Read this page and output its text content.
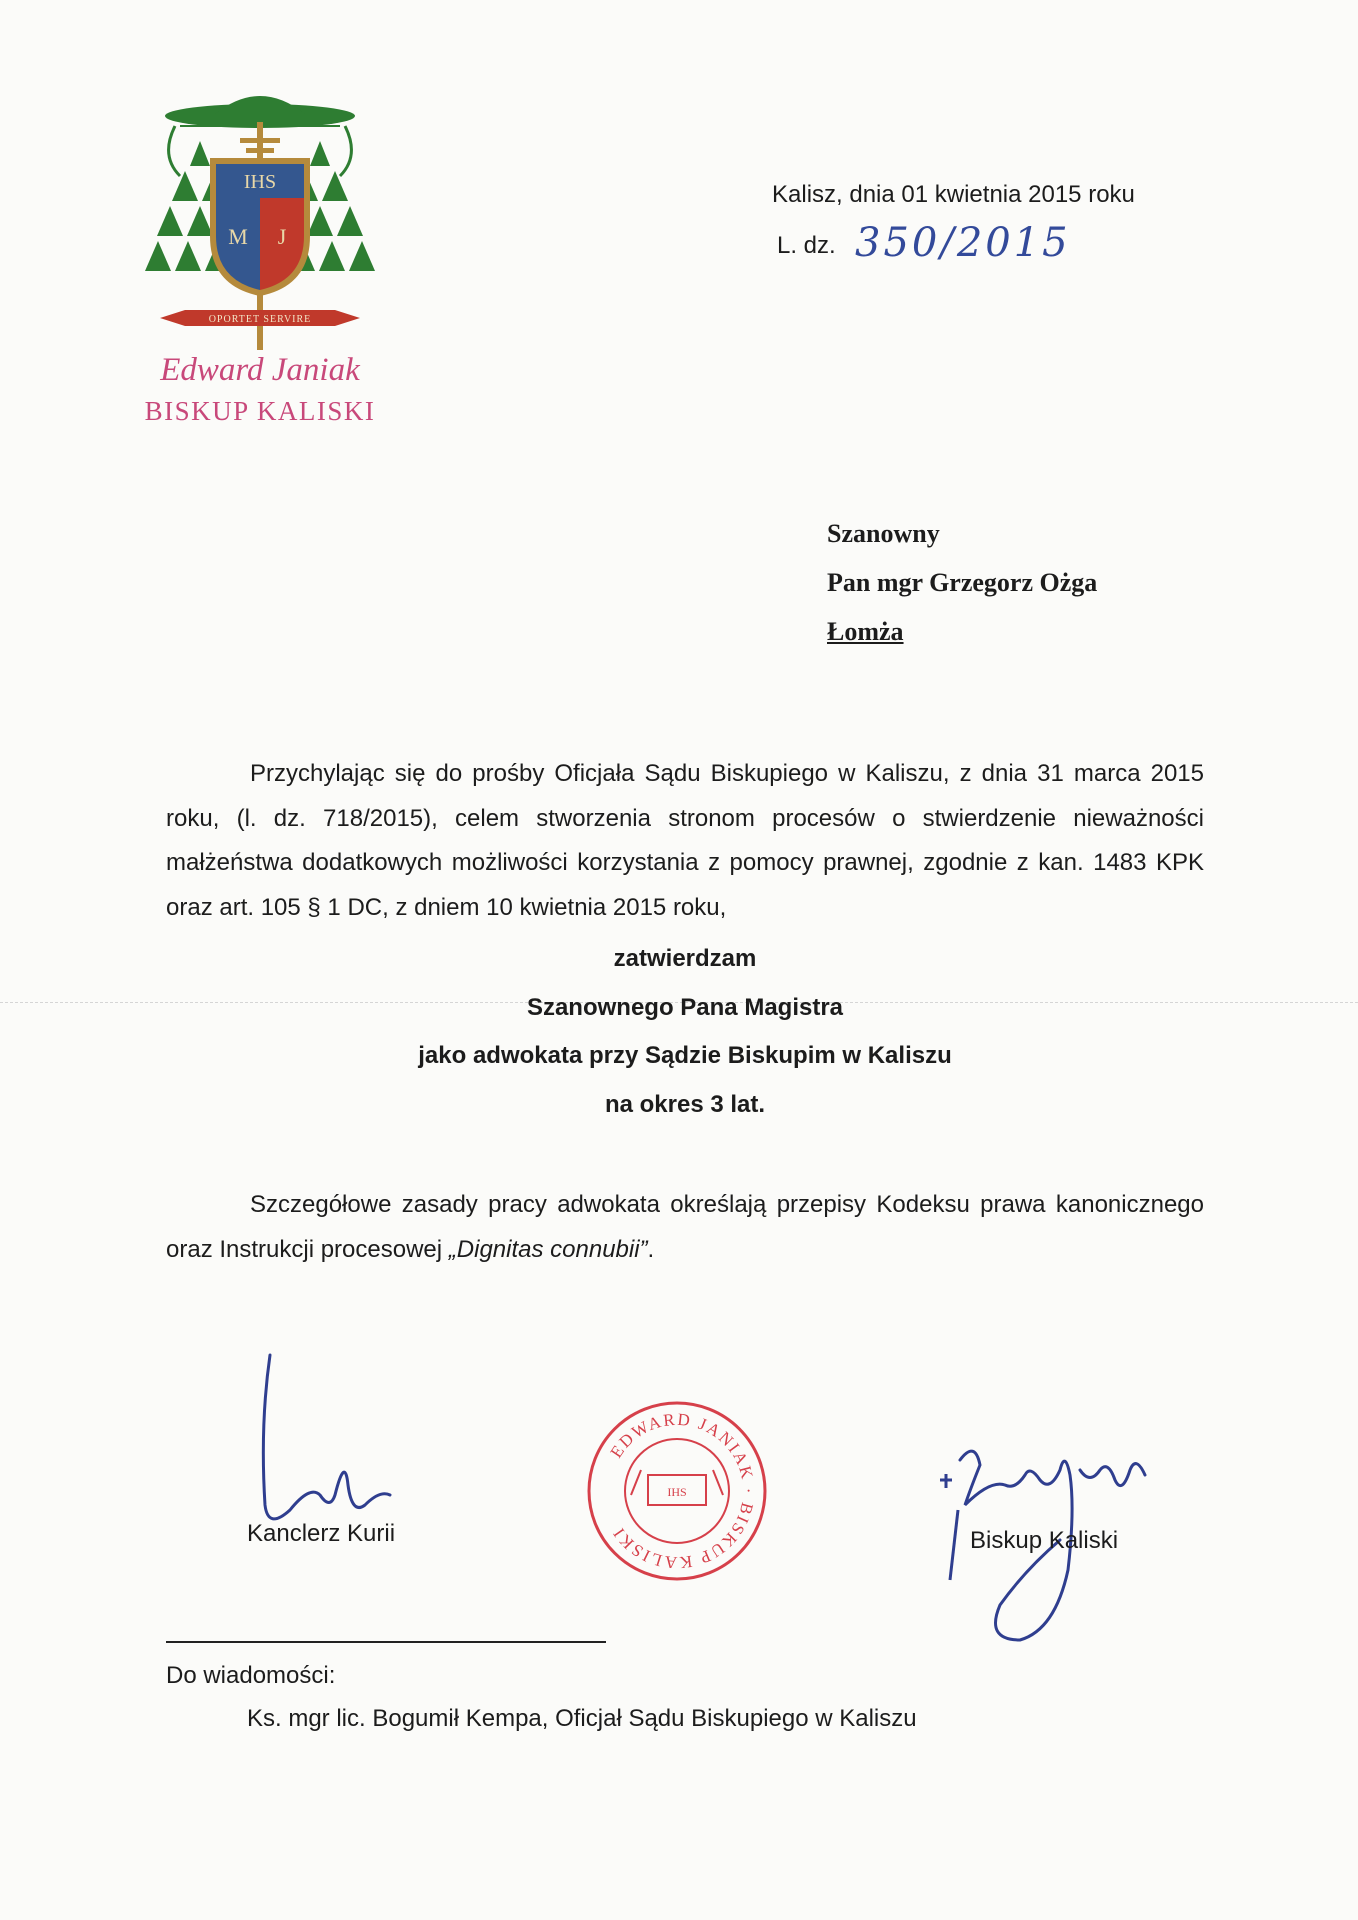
IHS
M J
OPORTET SERVIRE
Edward Janiak
BISKUP KALISKI
Kalisz, dnia 01 kwietnia 2015 roku
L. dz. 350/2015
Szanowny
Pan mgr Grzegorz Ożga
Łomża
Przychylając się do prośby Oficjała Sądu Biskupiego w Kaliszu, z dnia 31 marca 2015 roku, (l. dz. 718/2015), celem stworzenia stronom procesów o stwierdzenie nieważności małżeństwa dodatkowych możliwości korzystania z pomocy prawnej, zgodnie z kan. 1483 KPK oraz art. 105 § 1 DC, z dniem 10 kwietnia 2015 roku,
zatwierdzam
Szanownego Pana Magistra
jako adwokata przy Sądzie Biskupim w Kaliszu
na okres 3 lat.
Szczegółowe zasady pracy adwokata określają przepisy Kodeksu prawa kanonicznego oraz Instrukcji procesowej „Dignitas connubii”.
Kanclerz Kurii
EDWARD JANIAK · BISKUP KALISKI
IHS
Biskup Kaliski
Do wiadomości:
Ks. mgr lic. Bogumił Kempa, Oficjał Sądu Biskupiego w Kaliszu
